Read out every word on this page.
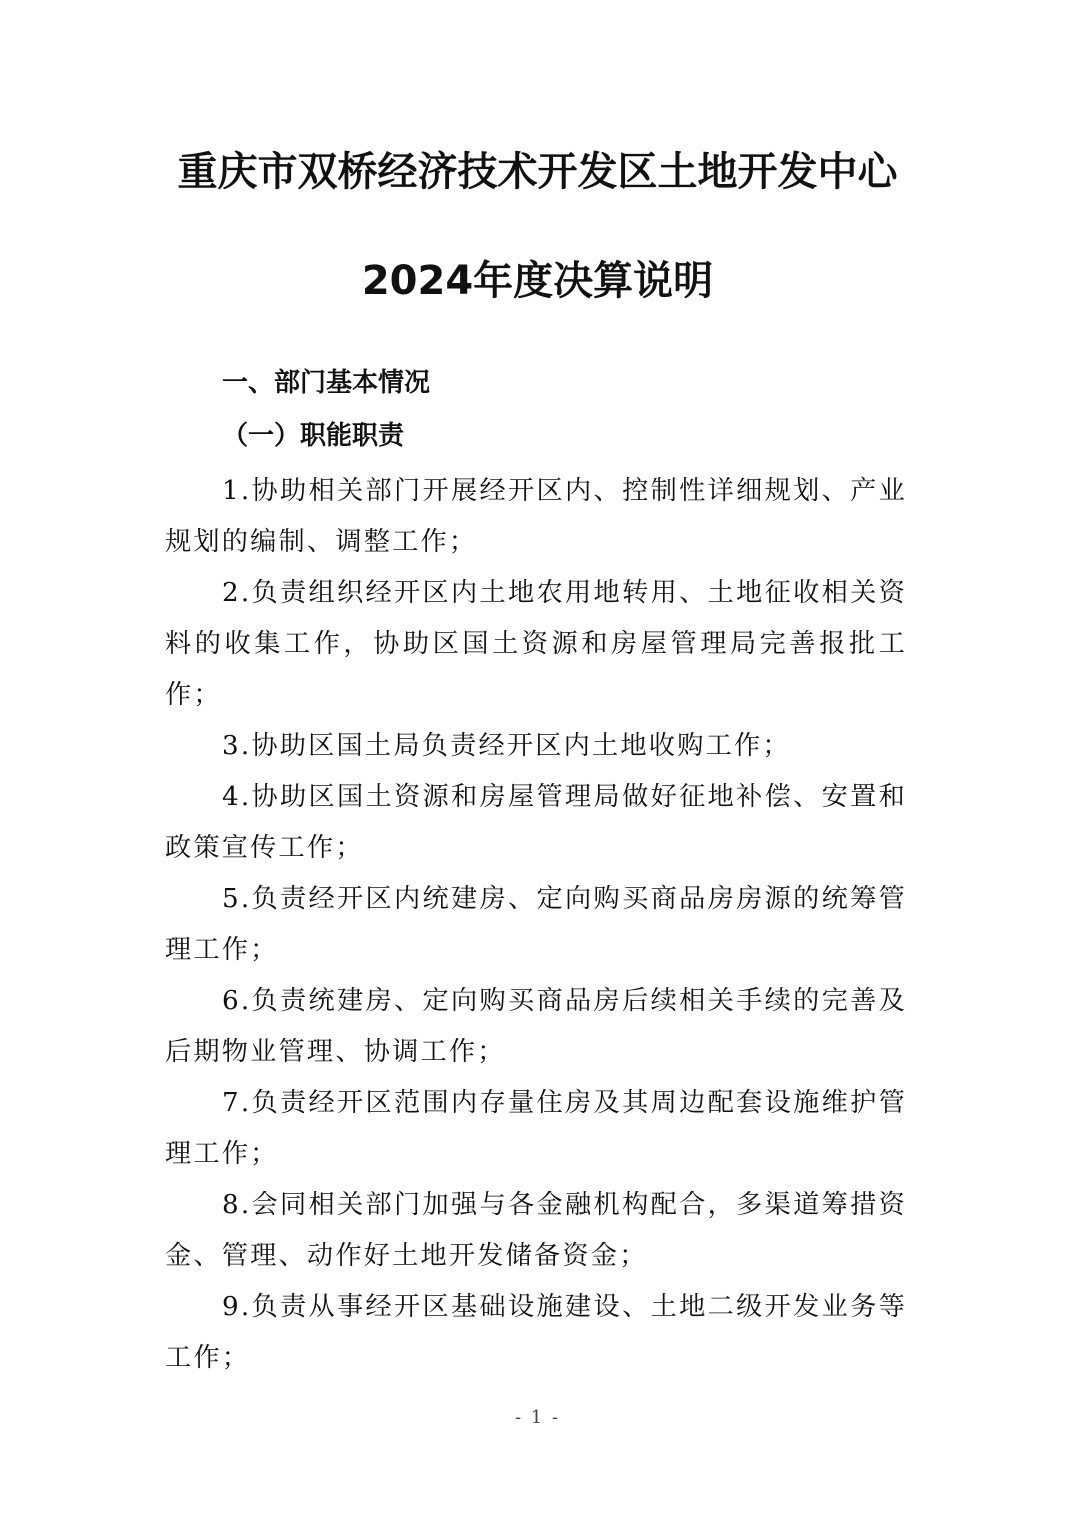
重庆市双桥经济技术开发区土地开发中心
2024年度决算说明
一、部门基本情况
（一）职能职责

1.协助相关部门开展经开区内、控制性详细规划、产业规划的编制、调整工作；

2.负责组织经开区内土地农用地转用、土地征收相关资料的收集工作，协助区国土资源和房屋管理局完善报批工作；

3.协助区国土局负责经开区内土地收购工作；

4.协助区国土资源和房屋管理局做好征地补偿、安置和政策宣传工作；

5.负责经开区内统建房、定向购买商品房房源的统筹管理工作；

6.负责统建房、定向购买商品房后续相关手续的完善及后期物业管理、协调工作；

7.负责经开区范围内存量住房及其周边配套设施维护管理工作；

8.会同相关部门加强与各金融机构配合，多渠道筹措资金、管理、动作好土地开发储备资金；

9.负责从事经开区基础设施建设、土地二级开发业务等工作；

- 1 -
